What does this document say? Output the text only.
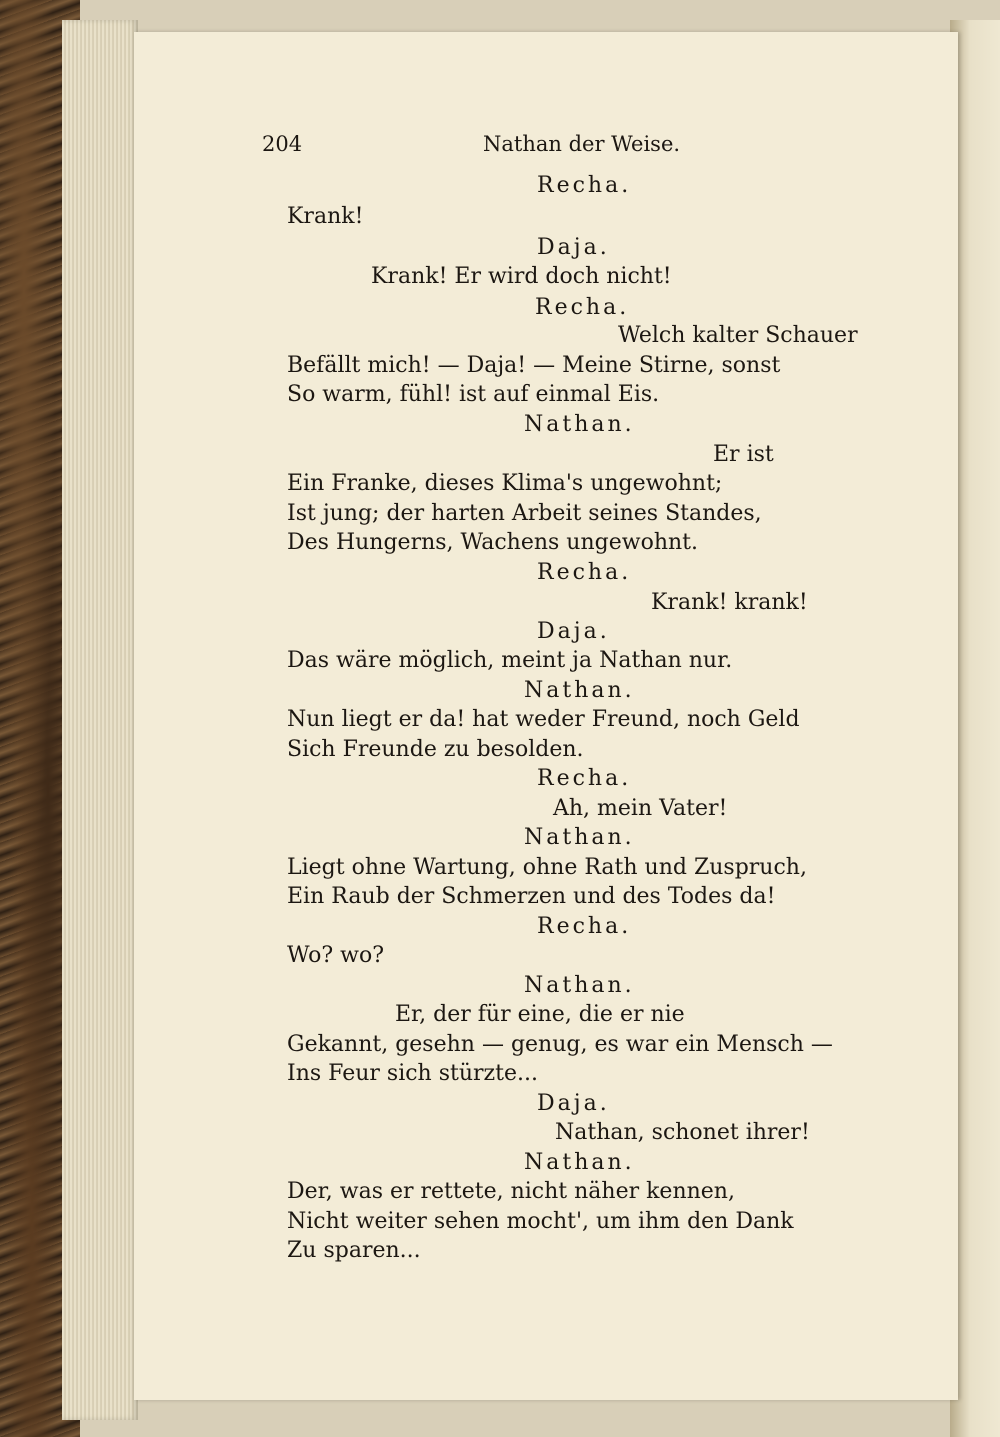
204	Nathan der Weise.
Recha.
Krank!
Daja.
Krank! Er wird doch nicht!
Recha.
Welch kalter Schauer
Befällt mich! — Daja! — Meine Stirne, sonst
So warm, fühl! ist auf einmal Eis.
Nathan.
Er ist
Ein Franke, dieses Klima's ungewohnt;
Ist jung; der harten Arbeit seines Standes,
Des Hungerns, Wachens ungewohnt.
Recha.
Krank! krank!
Daja.
Das wäre möglich, meint ja Nathan nur.
Nathan.
Nun liegt er da! hat weder Freund, noch Geld
Sich Freunde zu besolden.
Recha.
Ah, mein Vater!
Nathan.
Liegt ohne Wartung, ohne Rath und Zuspruch,
Ein Raub der Schmerzen und des Todes da!
Recha.
Wo? wo?
Nathan.
Er, der für eine, die er nie
Gekannt, gesehn — genug, es war ein Mensch —
Ins Feur sich stürzte...
Daja.
Nathan, schonet ihrer!
Nathan.
Der, was er rettete, nicht näher kennen,
Nicht weiter sehen mocht', um ihm den Dank
Zu sparen...
